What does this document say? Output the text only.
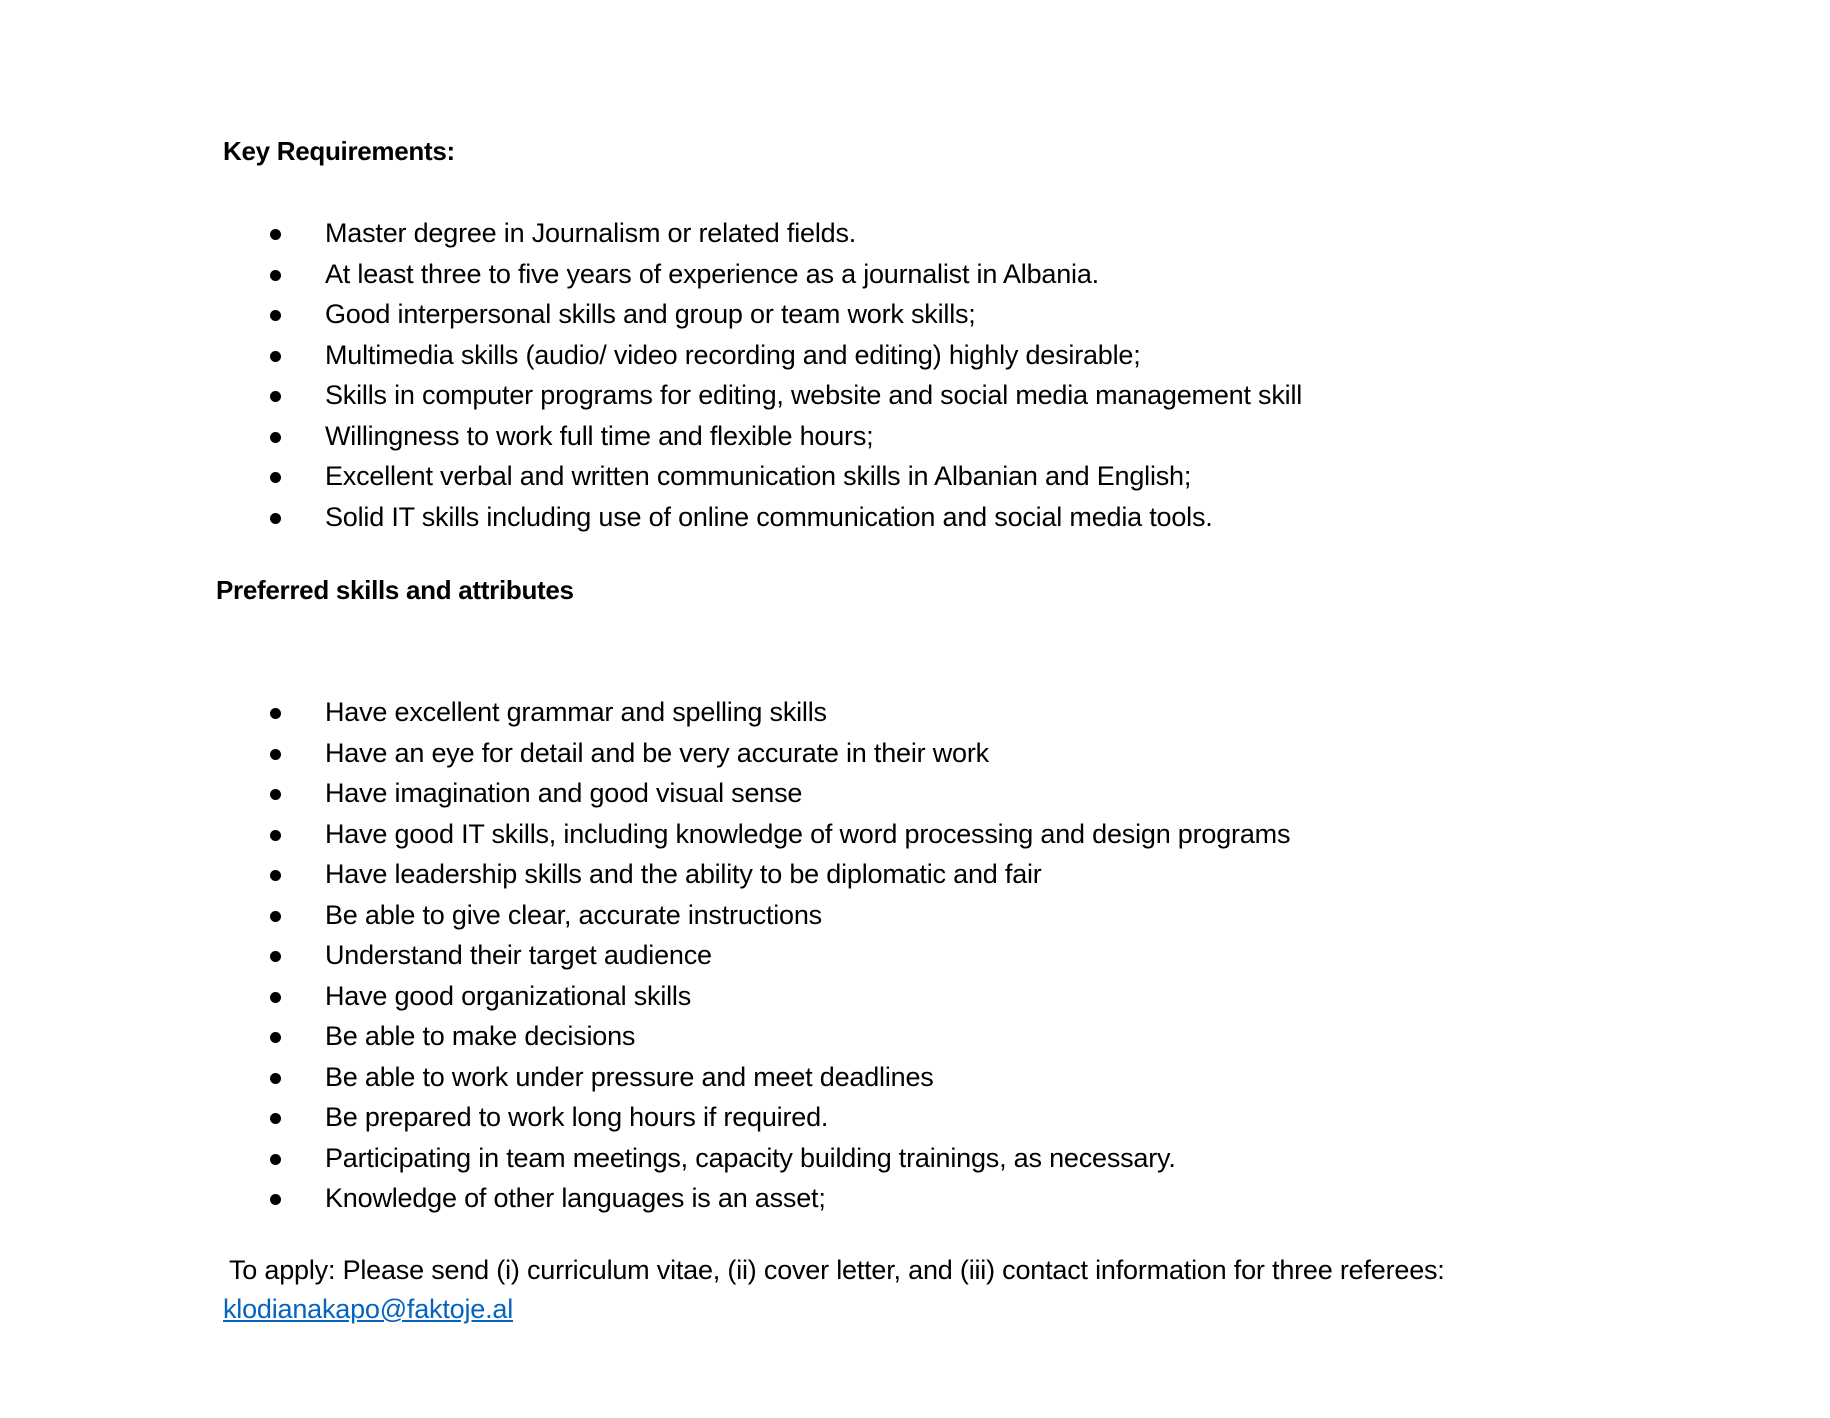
Key Requirements:
Master degree in Journalism or related fields.
At least three to five years of experience as a journalist in Albania.
Good interpersonal skills and group or team work skills;
Multimedia skills (audio/ video recording and editing) highly desirable;
Skills in computer programs for editing, website and social media management skill
Willingness to work full time and flexible hours;
Excellent verbal and written communication skills in Albanian and English;
Solid IT skills including use of online communication and social media tools.
Preferred skills and attributes
Have excellent grammar and spelling skills
Have an eye for detail and be very accurate in their work
Have imagination and good visual sense
Have good IT skills, including knowledge of word processing and design programs
Have leadership skills and the ability to be diplomatic and fair
Be able to give clear, accurate instructions
Understand their target audience
Have good organizational skills
Be able to make decisions
Be able to work under pressure and meet deadlines
Be prepared to work long hours if required.
Participating in team meetings, capacity building trainings, as necessary.
Knowledge of other languages is an asset;
To apply: Please send (i) curriculum vitae, (ii) cover letter, and (iii) contact information for three referees:
klodianakapo@faktoje.al
